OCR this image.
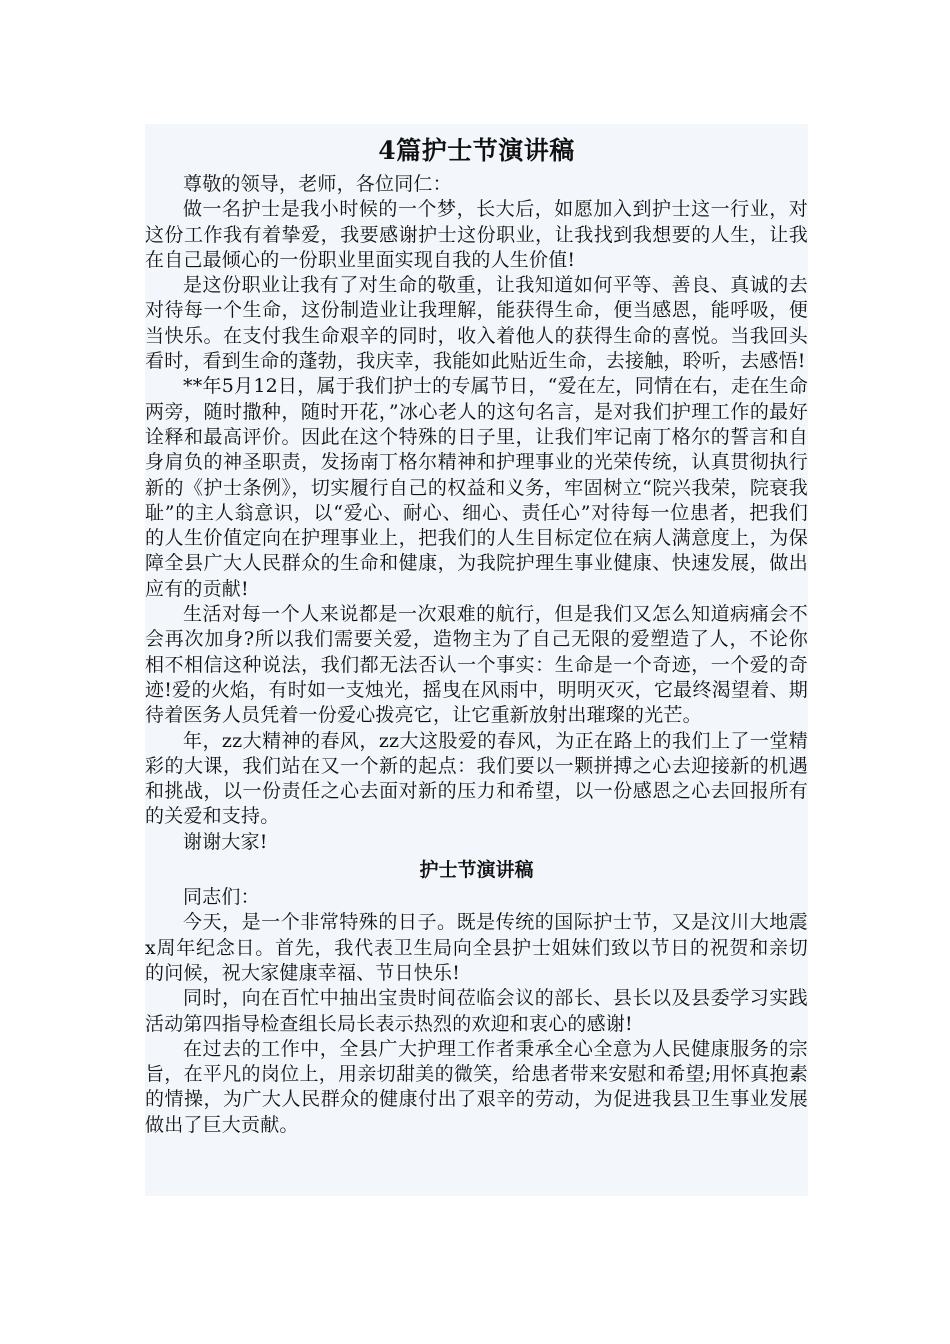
4篇护士节演讲稿

尊敬的领导，老师，各位同仁：

做一名护士是我小时候的一个梦，长大后，如愿加入到护士这一行业，对这份工作我有着挚爱，我要感谢护士这份职业，让我找到我想要的人生，让我在自己最倾心的一份职业里面实现自我的人生价值!

是这份职业让我有了对生命的敬重，让我知道如何平等、善良、真诚的去对待每一个生命，这份制造业让我理解，能获得生命，便当感恩，能呼吸，便当快乐。在支付我生命艰辛的同时，收入着他人的获得生命的喜悦。当我回头看时，看到生命的蓬勃，我庆幸，我能如此贴近生命，去接触，聆听，去感悟!

**年5月12日，属于我们护士的专属节日，“爱在左，同情在右，走在生命两旁，随时撒种，随时开花，”冰心老人的这句名言，是对我们护理工作的最好诠释和最高评价。因此在这个特殊的日子里，让我们牢记南丁格尔的誓言和自身肩负的神圣职责，发扬南丁格尔精神和护理事业的光荣传统，认真贯彻执行新的《护士条例》，切实履行自己的权益和义务，牢固树立“院兴我荣，院衰我耻”的主人翁意识，以“爱心、耐心、细心、责任心”对待每一位患者，把我们的人生价值定向在护理事业上，把我们的人生目标定位在病人满意度上，为保障全县广大人民群众的生命和健康，为我院护理生事业健康、快速发展，做出应有的贡献!

生活对每一个人来说都是一次艰难的航行，但是我们又怎么知道病痛会不会再次加身?所以我们需要关爱，造物主为了自己无限的爱塑造了人，不论你相不相信这种说法，我们都无法否认一个事实：生命是一个奇迹，一个爱的奇迹!爱的火焰，有时如一支烛光，摇曳在风雨中，明明灭灭，它最终渴望着、期待着医务人员凭着一份爱心拨亮它，让它重新放射出璀璨的光芒。

年，zz大精神的春风，zz大这股爱的春风，为正在路上的我们上了一堂精彩的大课，我们站在又一个新的起点：我们要以一颗拼搏之心去迎接新的机遇和挑战，以一份责任之心去面对新的压力和希望，以一份感恩之心去回报所有的关爱和支持。

谢谢大家!

护士节演讲稿

同志们：

今天，是一个非常特殊的日子。既是传统的国际护士节，又是汶川大地震x周年纪念日。首先，我代表卫生局向全县护士姐妹们致以节日的祝贺和亲切的问候，祝大家健康幸福、节日快乐!

同时，向在百忙中抽出宝贵时间莅临会议的部长、县长以及县委学习实践活动第四指导检查组长局长表示热烈的欢迎和衷心的感谢!

在过去的工作中，全县广大护理工作者秉承全心全意为人民健康服务的宗旨，在平凡的岗位上，用亲切甜美的微笑，给患者带来安慰和希望;用怀真抱素的情操，为广大人民群众的健康付出了艰辛的劳动，为促进我县卫生事业发展做出了巨大贡献。
